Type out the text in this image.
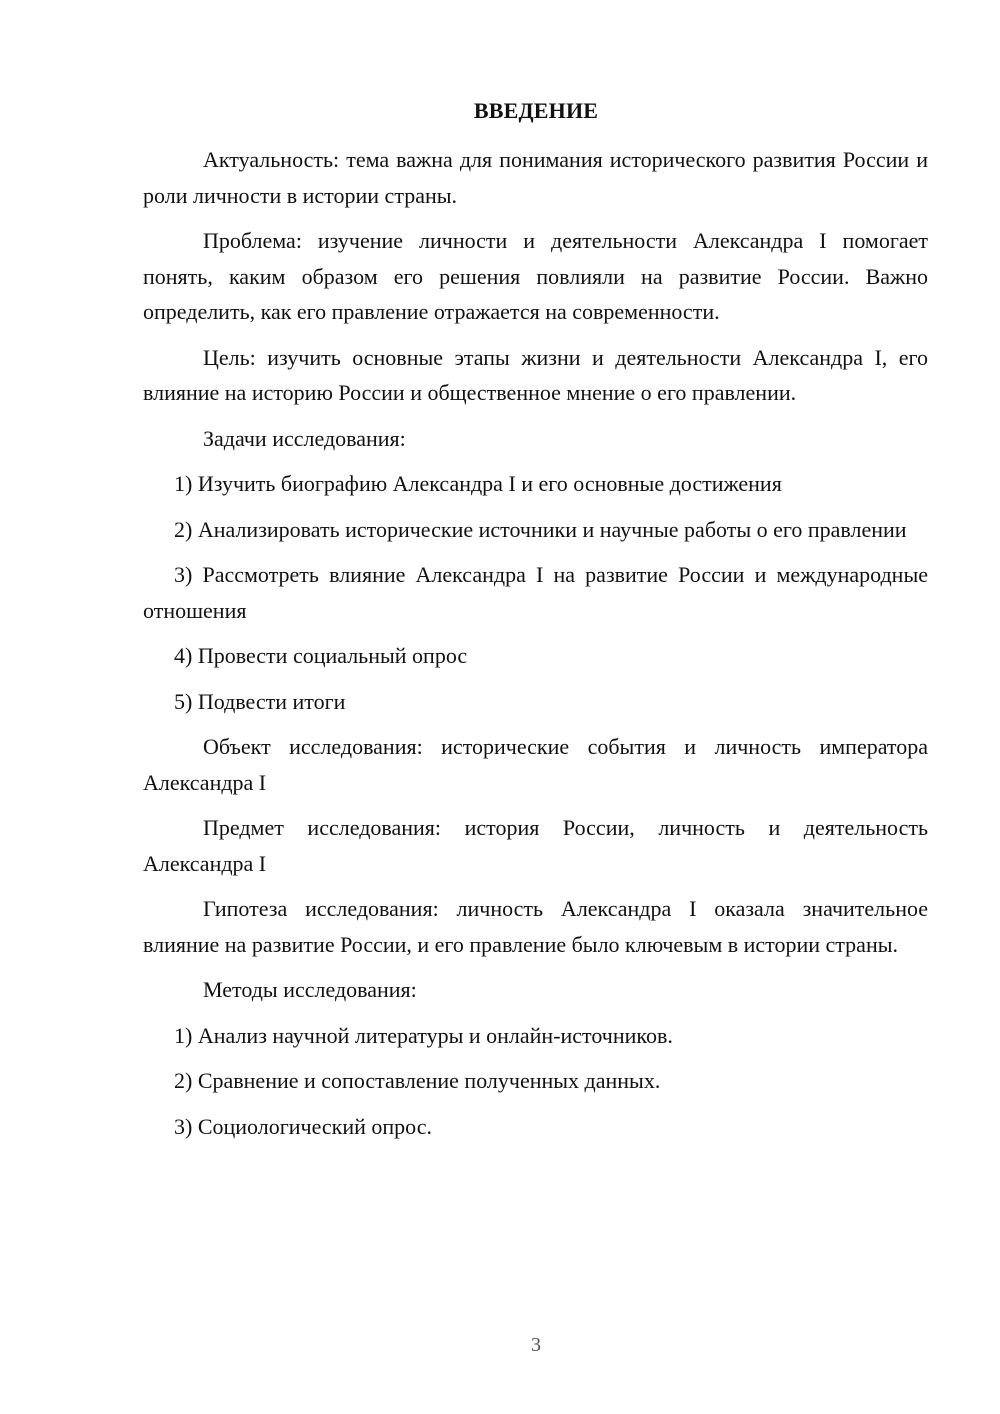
ВВЕДЕНИЕ

Актуальность: тема важна для понимания исторического развития России и роли личности в истории страны.

Проблема: изучение личности и деятельности Александра I помогает понять, каким образом его решения повлияли на развитие России. Важно определить, как его правление отражается на современности.

Цель: изучить основные этапы жизни и деятельности Александра I, его влияние на историю России и общественное мнение о его правлении.

Задачи исследования:

1) Изучить биографию Александра I и его основные достижения

2) Анализировать исторические источники и научные работы о его правлении

3) Рассмотреть влияние Александра I на развитие России и международные отношения

4) Провести социальный опрос

5) Подвести итоги

Объект исследования: исторические события и личность императора Александра I

Предмет исследования: история России, личность и деятельность Александра I

Гипотеза исследования: личность Александра I оказала значительное влияние на развитие России, и его правление было ключевым в истории страны.

Методы исследования:

1) Анализ научной литературы и онлайн-источников.

2) Сравнение и сопоставление полученных данных.

3) Социологический опрос.

3
